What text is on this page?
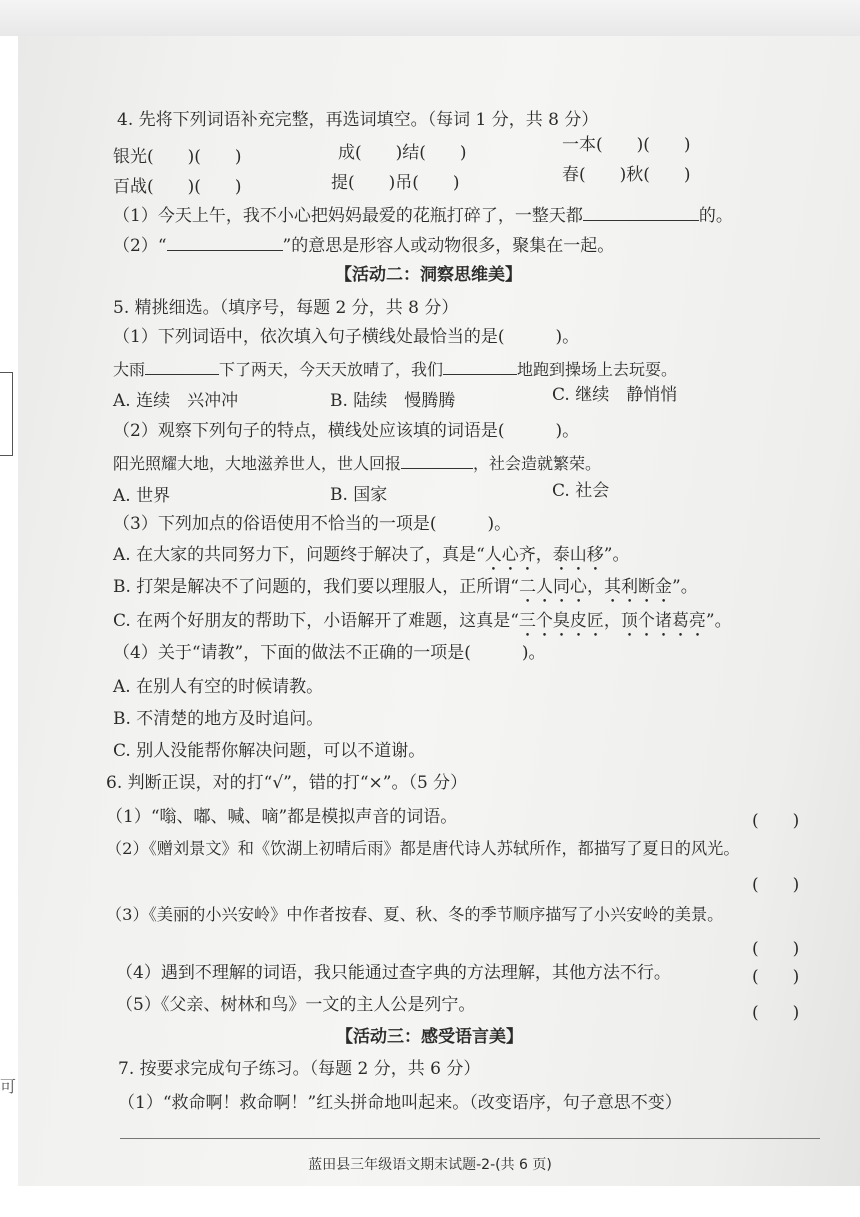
可
4. 先将下列词语补充完整，再选词填空。（每词 1 分，共 8 分）
银光(　　)(　　)	成(　　)结(　　)	一本(　　)(　　)
百战(　　)(　　)	提(　　)吊(　　)	春(　　)秋(　　)
（1）今天上午，我不小心把妈妈最爱的花瓶打碎了，一整天都	的。
（2）“	”的意思是形容人或动物很多，聚集在一起。
【活动二：洞察思维美】
5. 精挑细选。（填序号，每题 2 分，共 8 分）
（1）下列词语中，依次填入句子横线处最恰当的是(　　　)。
大雨	下了两天，今天天放晴了，我们	地跑到操场上去玩耍。
A. 连续　兴冲冲	B. 陆续　慢腾腾	C. 继续　静悄悄
（2）观察下列句子的特点，横线处应该填的词语是(　　　)。
阳光照耀大地，大地滋养世人，世人回报	，社会造就繁荣。
A. 世界	B. 国家	C. 社会
（3）下列加点的俗语使用不恰当的一项是(　　　)。
A. 在大家的共同努力下，问题终于解决了，真是“人心齐，泰山移”。
B. 打架是解决不了问题的，我们要以理服人，正所谓“二人同心，其利断金”。
C. 在两个好朋友的帮助下，小语解开了难题，这真是“三个臭皮匠，顶个诸葛亮”。
（4）关于“请教”，下面的做法不正确的一项是(　　　)。
A. 在别人有空的时候请教。
B. 不清楚的地方及时追问。
C. 别人没能帮你解决问题，可以不道谢。
6. 判断正误，对的打“√”，错的打“×”。（5 分）
（1）“嗡、嘟、喊、嘀”都是模拟声音的词语。	(　　)
（2）《赠刘景文》和《饮湖上初晴后雨》都是唐代诗人苏轼所作，都描写了夏日的风光。
(　　)
（3）《美丽的小兴安岭》中作者按春、夏、秋、冬的季节顺序描写了小兴安岭的美景。
(　　)
（4）遇到不理解的词语，我只能通过查字典的方法理解，其他方法不行。	(　　)
（5）《父亲、树林和鸟》一文的主人公是列宁。	(　　)
【活动三：感受语言美】
7. 按要求完成句子练习。（每题 2 分，共 6 分）
（1）“救命啊！救命啊！”红头拼命地叫起来。（改变语序，句子意思不变）
蓝田县三年级语文期末试题-2-(共 6 页)
